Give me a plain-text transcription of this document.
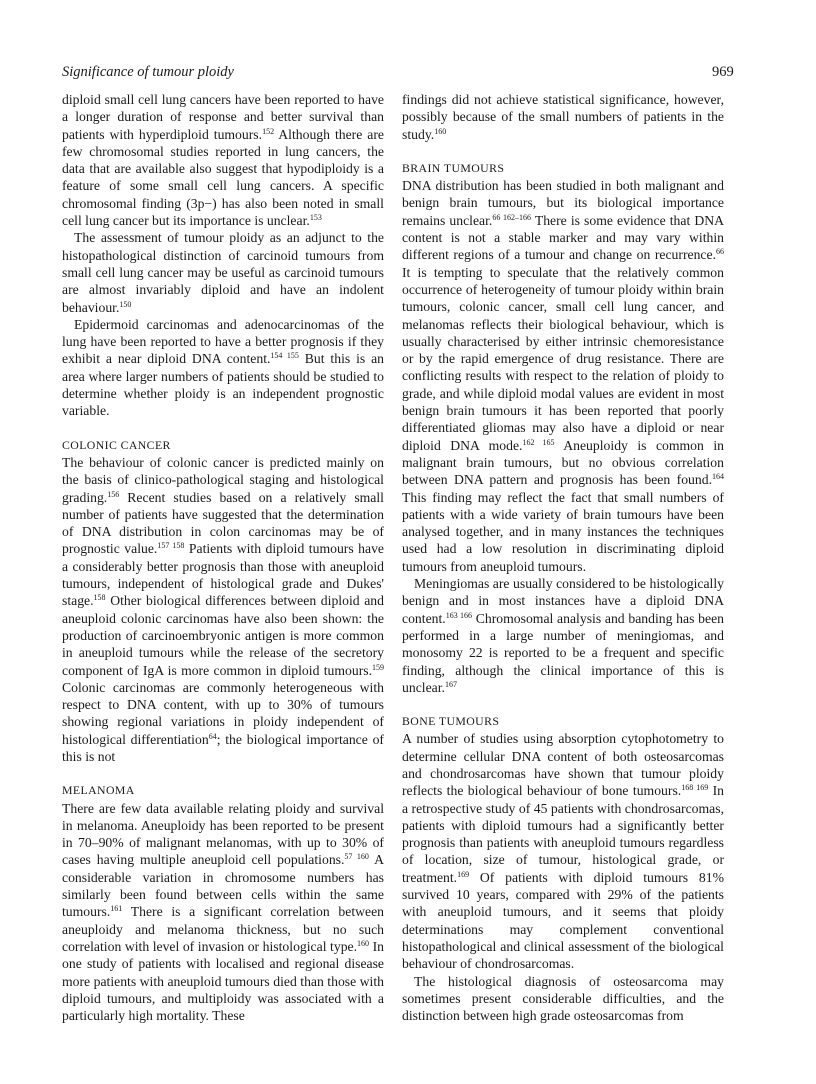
Significance of tumour ploidy	969

diploid small cell lung cancers have been reported to have a longer duration of response and better survival than patients with hyperdiploid tumours.$^{152}$ Although there are few chromosomal studies reported in lung cancers, the data that are available also suggest that hypodiploidy is a feature of some small cell lung cancers. A specific chromosomal finding (3p−) has also been noted in small cell lung cancer but its importance is unclear.$^{153}$

The assessment of tumour ploidy as an adjunct to the histopathological distinction of carcinoid tumours from small cell lung cancer may be useful as carcinoid tumours are almost invariably diploid and have an indolent behaviour.$^{150}$

Epidermoid carcinomas and adenocarcinomas of the lung have been reported to have a better prognosis if they exhibit a near diploid DNA content.$^{154 155}$ But this is an area where larger numbers of patients should be studied to determine whether ploidy is an independent prognostic variable.

COLONIC CANCER

The behaviour of colonic cancer is predicted mainly on the basis of clinico-pathological staging and histological grading.$^{156}$ Recent studies based on a relatively small number of patients have suggested that the determination of DNA distribution in colon carcinomas may be of prognostic value.$^{157 158}$ Patients with diploid tumours have a considerably better prognosis than those with aneuploid tumours, independent of histological grade and Dukes' stage.$^{158}$ Other biological differences between diploid and aneuploid colonic carcinomas have also been shown: the production of carcinoembryonic antigen is more common in aneuploid tumours while the release of the secretory component of IgA is more common in diploid tumours.$^{159}$ Colonic carcinomas are commonly heterogeneous with respect to DNA content, with up to 30% of tumours showing regional variations in ploidy independent of histological differentiation$^{64}$; the biological importance of this is not

MELANOMA

There are few data available relating ploidy and survival in melanoma. Aneuploidy has been reported to be present in 70–90% of malignant melanomas, with up to 30% of cases having multiple aneuploid cell populations.$^{57 160}$ A considerable variation in chromosome numbers has similarly been found between cells within the same tumours.$^{161}$ There is a significant correlation between aneuploidy and melanoma thickness, but no such correlation with level of invasion or histological type.$^{160}$ In one study of patients with localised and regional disease more patients with aneuploid tumours died than those with diploid tumours, and multiploidy was associated with a particularly high mortality. These

findings did not achieve statistical significance, however, possibly because of the small numbers of patients in the study.$^{160}$

BRAIN TUMOURS

DNA distribution has been studied in both malignant and benign brain tumours, but its biological importance remains unclear.$^{66 162-166}$ There is some evidence that DNA content is not a stable marker and may vary within different regions of a tumour and change on recurrence.$^{66}$ It is tempting to speculate that the relatively common occurrence of heterogeneity of tumour ploidy within brain tumours, colonic cancer, small cell lung cancer, and melanomas reflects their biological behaviour, which is usually characterised by either intrinsic chemoresistance or by the rapid emergence of drug resistance. There are conflicting results with respect to the relation of ploidy to grade, and while diploid modal values are evident in most benign brain tumours it has been reported that poorly differentiated gliomas may also have a diploid or near diploid DNA mode.$^{162 165}$ Aneuploidy is common in malignant brain tumours, but no obvious correlation between DNA pattern and prognosis has been found.$^{164}$ This finding may reflect the fact that small numbers of patients with a wide variety of brain tumours have been analysed together, and in many instances the techniques used had a low resolution in discriminating diploid tumours from aneuploid tumours.

Meningiomas are usually considered to be histologically benign and in most instances have a diploid DNA content.$^{163 166}$ Chromosomal analysis and banding has been performed in a large number of meningiomas, and monosomy 22 is reported to be a frequent and specific finding, although the clinical importance of this is unclear.$^{167}$

BONE TUMOURS

A number of studies using absorption cytophotometry to determine cellular DNA content of both osteosarcomas and chondrosarcomas have shown that tumour ploidy reflects the biological behaviour of bone tumours.$^{168 169}$ In a retrospective study of 45 patients with chondrosarcomas, patients with diploid tumours had a significantly better prognosis than patients with aneuploid tumours regardless of location, size of tumour, histological grade, or treatment.$^{169}$ Of patients with diploid tumours 81% survived 10 years, compared with 29% of the patients with aneuploid tumours, and it seems that ploidy determinations may complement conventional histopathological and clinical assessment of the biological behaviour of chondrosarcomas.

The histological diagnosis of osteosarcoma may sometimes present considerable difficulties, and the distinction between high grade osteosarcomas from
